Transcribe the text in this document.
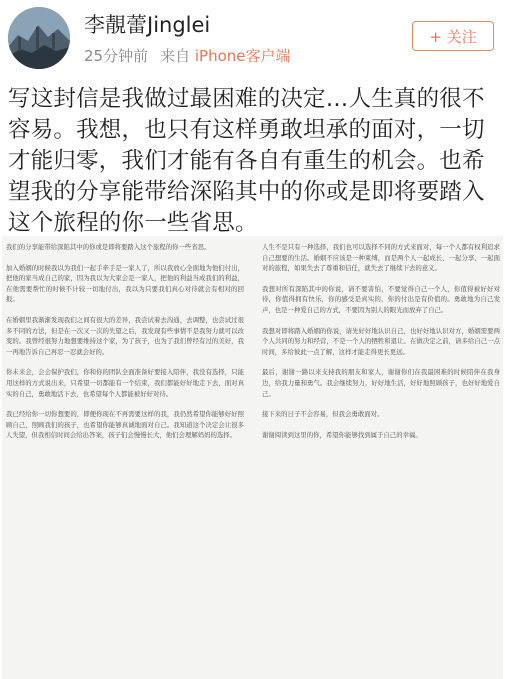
李靚蕾Jinglei
25分钟前 来自 iPhone客户端
+ 关注
写这封信是我做过最困难的决定…人生真的很不容易。我想，也只有这样勇敢坦承的面对，一切才能归零，我们才能有各自有重生的机会。也希望我的分享能带给深陷其中的你或是即将要踏入这个旅程的你一些省思。

我们的分享能带给深陷其中的你或是即将要踏入这个旅程的你一些省思。

加入婚姻的时候我以为我们一起手牵手是一家人了，所以我放心全面地为他们付出，把他的家当成自己的家，因为我以为大家会是一家人，把他的利益当成我们的利益，在他需要帮忙的时候不计较一切地付出，我以为只要我们真心对待就会有相对的回报。

在婚姻里我渐渐发现我们之间有很大的差异，我尝试着去沟通，去调整，也尝试过很多不同的方法，但是在一次又一次的失望之后，我发现有些事情不是我努力就可以改变的。我曾经很努力地想要维持这个家，为了孩子，也为了我们曾经有过的美好，我一再地告诉自己再忍一忍就会好的。

你未来会，会会保护我们，你和你的团队全面准备好要接入陪伴，我没有选择，只能用这样的方式说出来，只希望一切都能有一个结束，我们都能好好地走下去，面对真实的自己，勇敢地活下去，也希望每个人都能被好好对待。

我已经给你一切你想要的，即便你现在不再需要这样的我，我仍然希望你能够好好照顾自己，照顾我们的孩子，也希望你能够真诚地面对自己。我知道这个决定会让很多人失望，但我相信时间会给出答案，孩子们会慢慢长大，他们会理解妈妈的选择。

人生不是只有一种选择，我们也可以选择不同的方式来面对，每一个人都有权利追求自己想要的生活。婚姻不应该是一种束缚，而是两个人一起成长、一起分享、一起面对的旅程，如果失去了尊重和信任，就失去了继续下去的意义。

我想对所有深陷其中的你说，请不要害怕，不要觉得自己一个人，你值得被好好对待，你值得拥有快乐，你的感受是真实的，你的付出是有价值的。勇敢地为自己发声，也是一种爱自己的方式，不要因为别人的眼光而放弃了自己。

我想对即将踏入婚姻的你说，请先好好地认识自己，也好好地认识对方，婚姻需要两个人共同的努力和经营，不是一个人的牺牲和退让。在做决定之前，请多给自己一点时间，多给彼此一点了解，这样才能走得更长更远。

最后，谢谢一路以来支持我的朋友和家人，谢谢你们在我最困难的时候陪伴在我身边，给我力量和勇气。我会继续努力，好好地生活，好好地照顾孩子，也好好地爱自己。

接下来的日子不会容易，但我会勇敢面对。

谢谢阅读到这里的你，希望你能够找到属于自己的幸福。
